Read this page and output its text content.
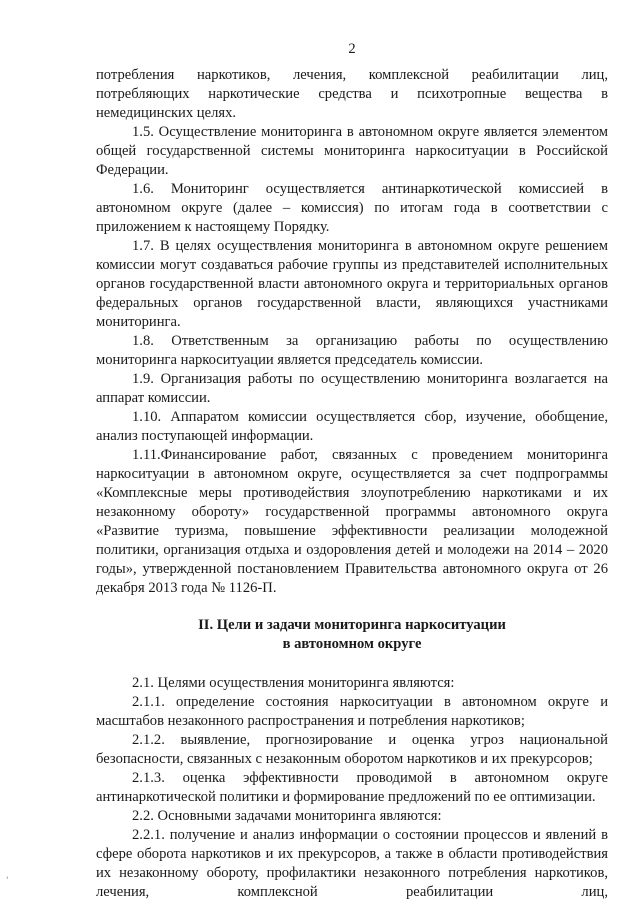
2

потребления наркотиков, лечения, комплексной реабилитации лиц, потребляющих наркотические средства и психотропные вещества в немедицинских целях.

1.5. Осуществление мониторинга в автономном округе является элементом общей государственной системы мониторинга наркоситуации в Российской Федерации.

1.6. Мониторинг осуществляется антинаркотической комиссией в автономном округе (далее – комиссия) по итогам года в соответствии с приложением к настоящему Порядку.

1.7. В целях осуществления мониторинга в автономном округе решением комиссии могут создаваться рабочие группы из представителей исполнительных органов государственной власти автономного округа и территориальных органов федеральных органов государственной власти, являющихся участниками мониторинга.

1.8. Ответственным за организацию работы по осуществлению мониторинга наркоситуации является председатель комиссии.

1.9. Организация работы по осуществлению мониторинга возлагается на аппарат комиссии.

1.10. Аппаратом комиссии осуществляется сбор, изучение, обобщение, анализ поступающей информации.

1.11.Финансирование работ, связанных с проведением мониторинга наркоситуации в автономном округе, осуществляется за счет подпрограммы «Комплексные меры противодействия злоупотреблению наркотиками и их незаконному обороту» государственной программы автономного округа «Развитие туризма, повышение эффективности реализации молодежной политики, организация отдыха и оздоровления детей и молодежи на 2014 – 2020 годы», утвержденной постановлением Правительства автономного округа от 26 декабря 2013 года № 1126-П.

II. Цели и задачи мониторинга наркоситуации
в автономном округе

2.1. Целями осуществления мониторинга являются:

2.1.1. определение состояния наркоситуации в автономном округе и масштабов незаконного распространения и потребления наркотиков;

2.1.2. выявление, прогнозирование и оценка угроз национальной безопасности, связанных с незаконным оборотом наркотиков и их прекурсоров;

2.1.3. оценка эффективности проводимой в автономном округе антинаркотической политики и формирование предложений по ее оптимизации.

2.2. Основными задачами мониторинга являются:

2.2.1. получение и анализ информации о состоянии процессов и явлений в сфере оборота наркотиков и их прекурсоров, а также в области противодействия их незаконному обороту, профилактики незаконного потребления наркотиков, лечения, комплексной реабилитации лиц,

'
